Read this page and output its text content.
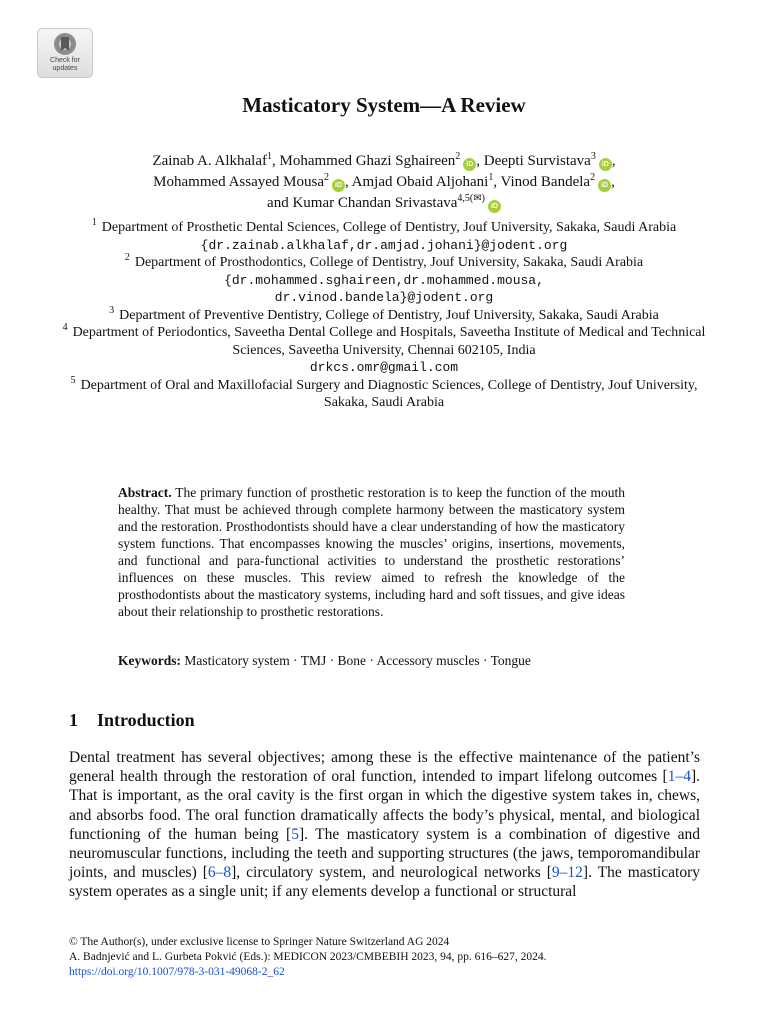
Check for
updates
Masticatory System—A Review
Zainab A. Alkhalaf$^1$, Mohammed Ghazi Sghaireen$^2$iD , Deepti Survistava$^3$iD ,
Mohammed Assayed Mousa$^2$iD , Amjad Obaid Aljohani$^1$, Vinod Bandela$^2$iD ,
and Kumar Chandan Srivastava$^{4,5(✉)}$iD
$^1$ Department of Prosthetic Dental Sciences, College of Dentistry, Jouf University, Sakaka, Saudi Arabia
{dr.zainab.alkhalaf,dr.amjad.johani}@jodent.org
$^2$ Department of Prosthodontics, College of Dentistry, Jouf University, Sakaka, Saudi Arabia
{dr.mohammed.sghaireen,dr.mohammed.mousa, dr.vinod.bandela}@jodent.org
$^3$ Department of Preventive Dentistry, College of Dentistry, Jouf University, Sakaka, Saudi Arabia
$^4$ Department of Periodontics, Saveetha Dental College and Hospitals, Saveetha Institute of Medical and Technical Sciences, Saveetha University, Chennai 602105, India
drkcs.omr@gmail.com
$^5$ Department of Oral and Maxillofacial Surgery and Diagnostic Sciences, College of Dentistry, Jouf University, Sakaka, Saudi Arabia
Abstract. The primary function of prosthetic restoration is to keep the function of the mouth healthy. That must be achieved through complete harmony between the masticatory system and the restoration. Prosthodontists should have a clear understanding of how the masticatory system functions. That encompasses knowing the muscles’ origins, insertions, movements, and functional and para-functional activities to understand the prosthetic restorations’ influences on these muscles. This review aimed to refresh the knowledge of the prosthodontists about the masticatory systems, including hard and soft tissues, and give ideas about their relationship to prosthetic restorations.
Keywords: Masticatory system · TMJ · Bone · Accessory muscles · Tongue
1 Introduction
Dental treatment has several objectives; among these is the effective maintenance of the patient’s general health through the restoration of oral function, intended to impart lifelong outcomes [1–4]. That is important, as the oral cavity is the first organ in which the digestive system takes in, chews, and absorbs food. The oral function dramatically affects the body’s physical, mental, and biological functioning of the human being [5]. The masticatory system is a combination of digestive and neuromuscular functions, including the teeth and supporting structures (the jaws, temporomandibular joints, and muscles) [6–8], circulatory system, and neurological networks [9–12]. The masticatory system operates as a single unit; if any elements develop a functional or structural
© The Author(s), under exclusive license to Springer Nature Switzerland AG 2024
A. Badnjević and L. Gurbeta Pokvić (Eds.): MEDICON 2023/CMBEBIH 2023, 94, pp. 616–627, 2024.
https://doi.org/10.1007/978-3-031-49068-2_62
